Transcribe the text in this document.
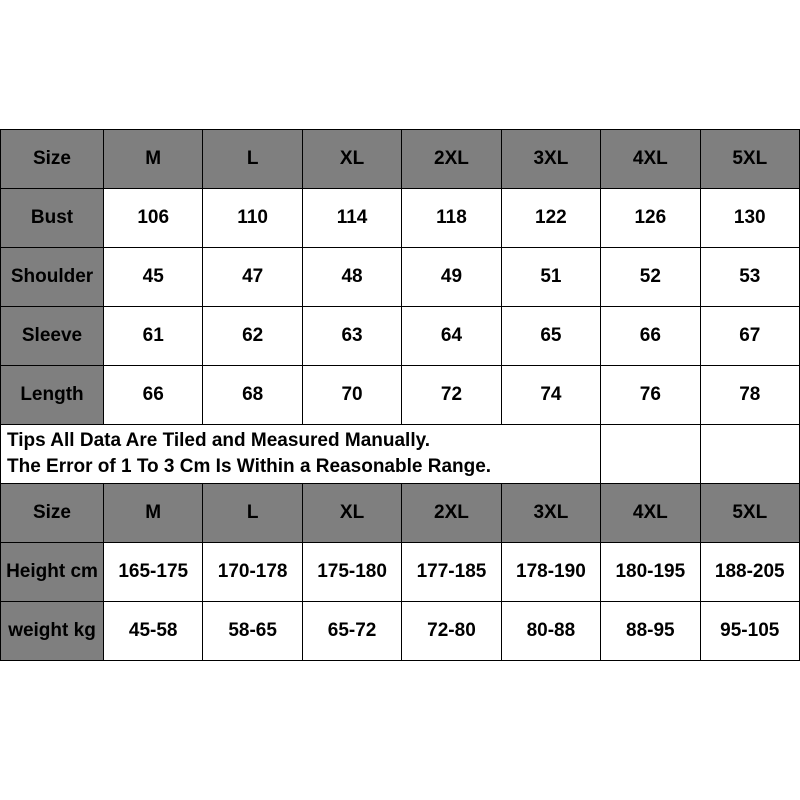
Size	M	L	XL	2XL	3XL	4XL	5XL
Bust	106	110	114	118	122	126	130
Shoulder	45	47	48	49	51	52	53
Sleeve	61	62	63	64	65	66	67
Length	66	68	70	72	74	76	78

Tips All Data Are Tiled and Measured Manually.
The Error of 1 To 3 Cm Is Within a Reasonable Range.							

Size	M	L	XL	2XL	3XL	4XL	5XL
Height cm	165-175	170-178	175-180	177-185	178-190	180-195	188-205
weight kg	45-58	58-65	65-72	72-80	80-88	88-95	95-105
